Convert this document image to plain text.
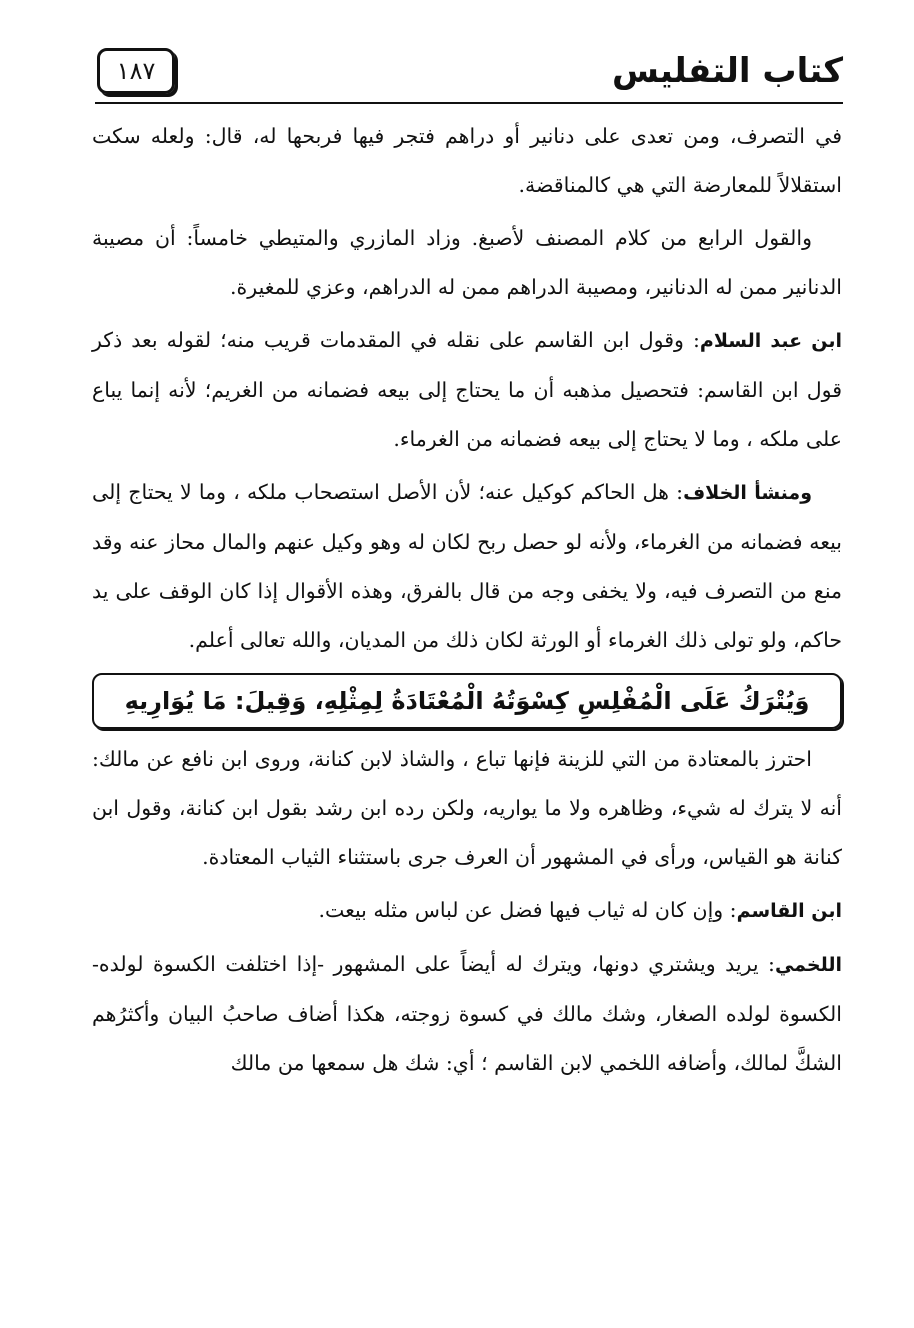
كتاب التفليس
١٨٧

في التصرف، ومن تعدى على دنانير أو دراهم فتجر فيها فربحها له، قال: ولعله سكت استقلالاً للمعارضة التي هي كالمناقضة.

والقول الرابع من كلام المصنف لأصبغ. وزاد المازري والمتيطي خامساً: أن مصيبة الدنانير ممن له الدنانير، ومصيبة الدراهم ممن له الدراهم، وعزي للمغيرة.

ابن عبد السلام: وقول ابن القاسم على نقله في المقدمات قريب منه؛ لقوله بعد ذكر قول ابن القاسم: فتحصيل مذهبه أن ما يحتاج إلى بيعه فضمانه من الغريم؛ لأنه إنما يباع على ملكه ، وما لا يحتاج إلى بيعه فضمانه من الغرماء.

ومنشأ الخلاف: هل الحاكم كوكيل عنه؛ لأن الأصل استصحاب ملكه ، وما لا يحتاج إلى بيعه فضمانه من الغرماء، ولأنه لو حصل ربح لكان له وهو وكيل عنهم والمال محاز عنه وقد منع من التصرف فيه، ولا يخفى وجه من قال بالفرق، وهذه الأقوال إذا كان الوقف على يد حاكم، ولو تولى ذلك الغرماء أو الورثة لكان ذلك من المديان، والله تعالى أعلم.

وَيُتْرَكُ عَلَى الْمُفْلِسِ كِسْوَتُهُ الْمُعْتَادَةُ لِمِثْلِهِ، وَقِيلَ: مَا يُوَارِيهِ

احترز بالمعتادة من التي للزينة فإنها تباع ، والشاذ لابن كنانة، وروى ابن نافع عن مالك: أنه لا يترك له شيء، وظاهره ولا ما يواريه، ولكن رده ابن رشد بقول ابن كنانة، وقول ابن كنانة هو القياس، ورأى في المشهور أن العرف جرى باستثناء الثياب المعتادة.

ابن القاسم: وإن كان له ثياب فيها فضل عن لباس مثله بيعت.

اللخمي: يريد ويشتري دونها، ويترك له أيضاً على المشهور -إذا اختلفت الكسوة لولده- الكسوة لولده الصغار، وشك مالك في كسوة زوجته، هكذا أضاف صاحبُ البيان وأكثرُهم الشكَّ لمالك، وأضافه اللخمي لابن القاسم ؛ أي: شك هل سمعها من مالك
